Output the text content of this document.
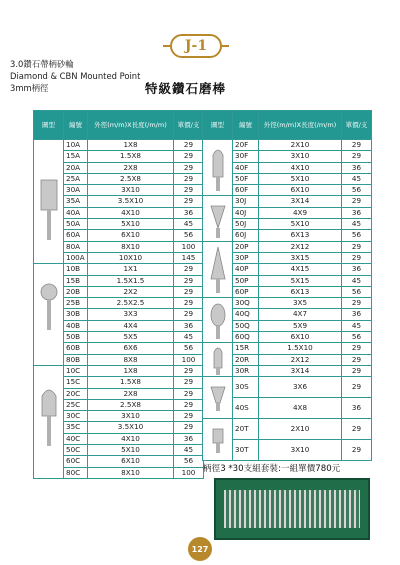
J-1
3.0鑽石帶柄砂輪
Diamond & CBN Mounted Point
3mm柄徑	特級鑽石磨棒
圖型	編號	外徑(m/m)X長度(/m/m)	單價/支

	10A	1X8	29
	15A	1.5X8	29
	20A	2X8	29
	25A	2.5X8	29
	30A	3X10	29
	35A	3.5X10	29
	40A	4X10	36
	50A	5X10	45
	60A	6X10	56
	80A	8X10	100
	100A	10X10	145

	10B	1X1	29
	15B	1.5X1.5	29
	20B	2X2	29
	25B	2.5X2.5	29
	30B	3X3	29
	40B	4X4	36
	50B	5X5	45
	60B	6X6	56
	80B	8X8	100

	10C	1X8	29
	15C	1.5X8	29
	20C	2X8	29
	25C	2.5X8	29
	30C	3X10	29
	35C	3.5X10	29
	40C	4X10	36
	50C	5X10	45
	60C	6X10	56
	80C	8X10	100
圖型	編號	外徑(m/m)X長度(/m/m)	單價/支

	20F	2X10	29
	30F	3X10	29
	40F	4X10	36
	50F	5X10	45
	60F	6X10	56

	30J	3X14	29
	40J	4X9	36
	50J	5X10	45
	60J	6X13	56

	20P	2X12	29
	30P	3X15	29
	40P	4X15	36
	50P	5X15	45
	60P	6X13	56

	30Q	3X5	29
	40Q	4X7	36
	50Q	5X9	45
	60Q	6X10	56

	15R	1.5X10	29
	20R	2X12	29
	30R	3X14	29

	30S	3X6	29
	40S	4X8	36

	20T	2X10	29
	30T	3X10	29
柄徑3 *30支組套裝:一組單價780元
127
